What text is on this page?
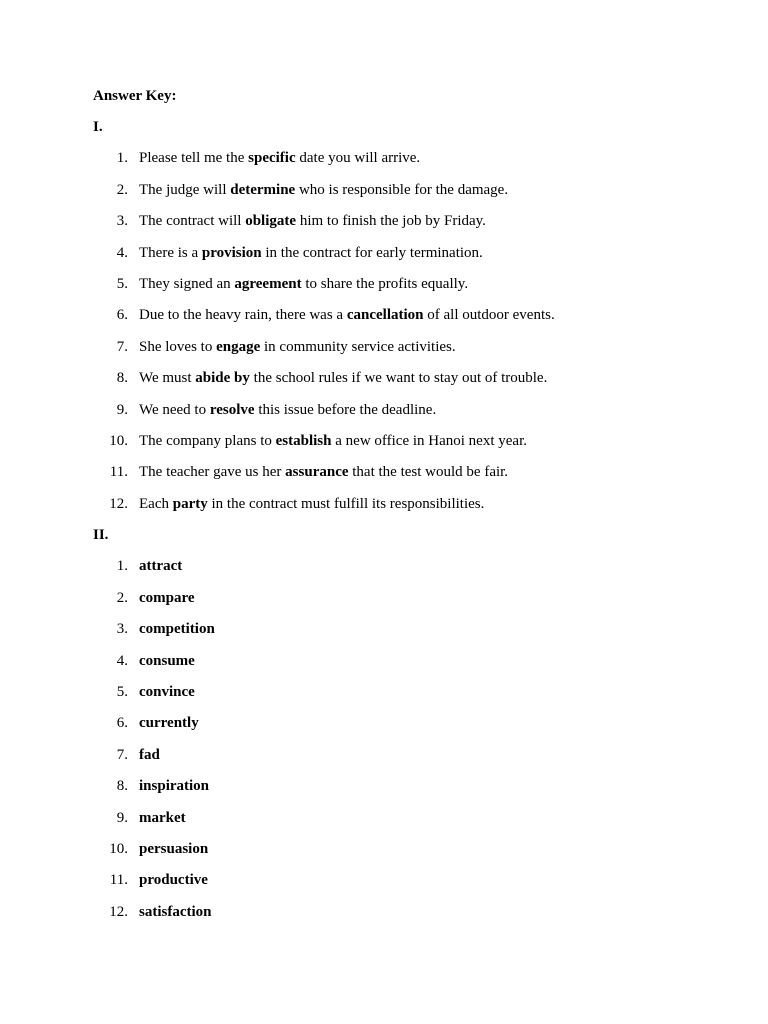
Answer Key:
I.
1. Please tell me the specific date you will arrive.
2. The judge will determine who is responsible for the damage.
3. The contract will obligate him to finish the job by Friday.
4. There is a provision in the contract for early termination.
5. They signed an agreement to share the profits equally.
6. Due to the heavy rain, there was a cancellation of all outdoor events.
7. She loves to engage in community service activities.
8. We must abide by the school rules if we want to stay out of trouble.
9. We need to resolve this issue before the deadline.
10. The company plans to establish a new office in Hanoi next year.
11. The teacher gave us her assurance that the test would be fair.
12. Each party in the contract must fulfill its responsibilities.
II.
1. attract
2. compare
3. competition
4. consume
5. convince
6. currently
7. fad
8. inspiration
9. market
10. persuasion
11. productive
12. satisfaction
